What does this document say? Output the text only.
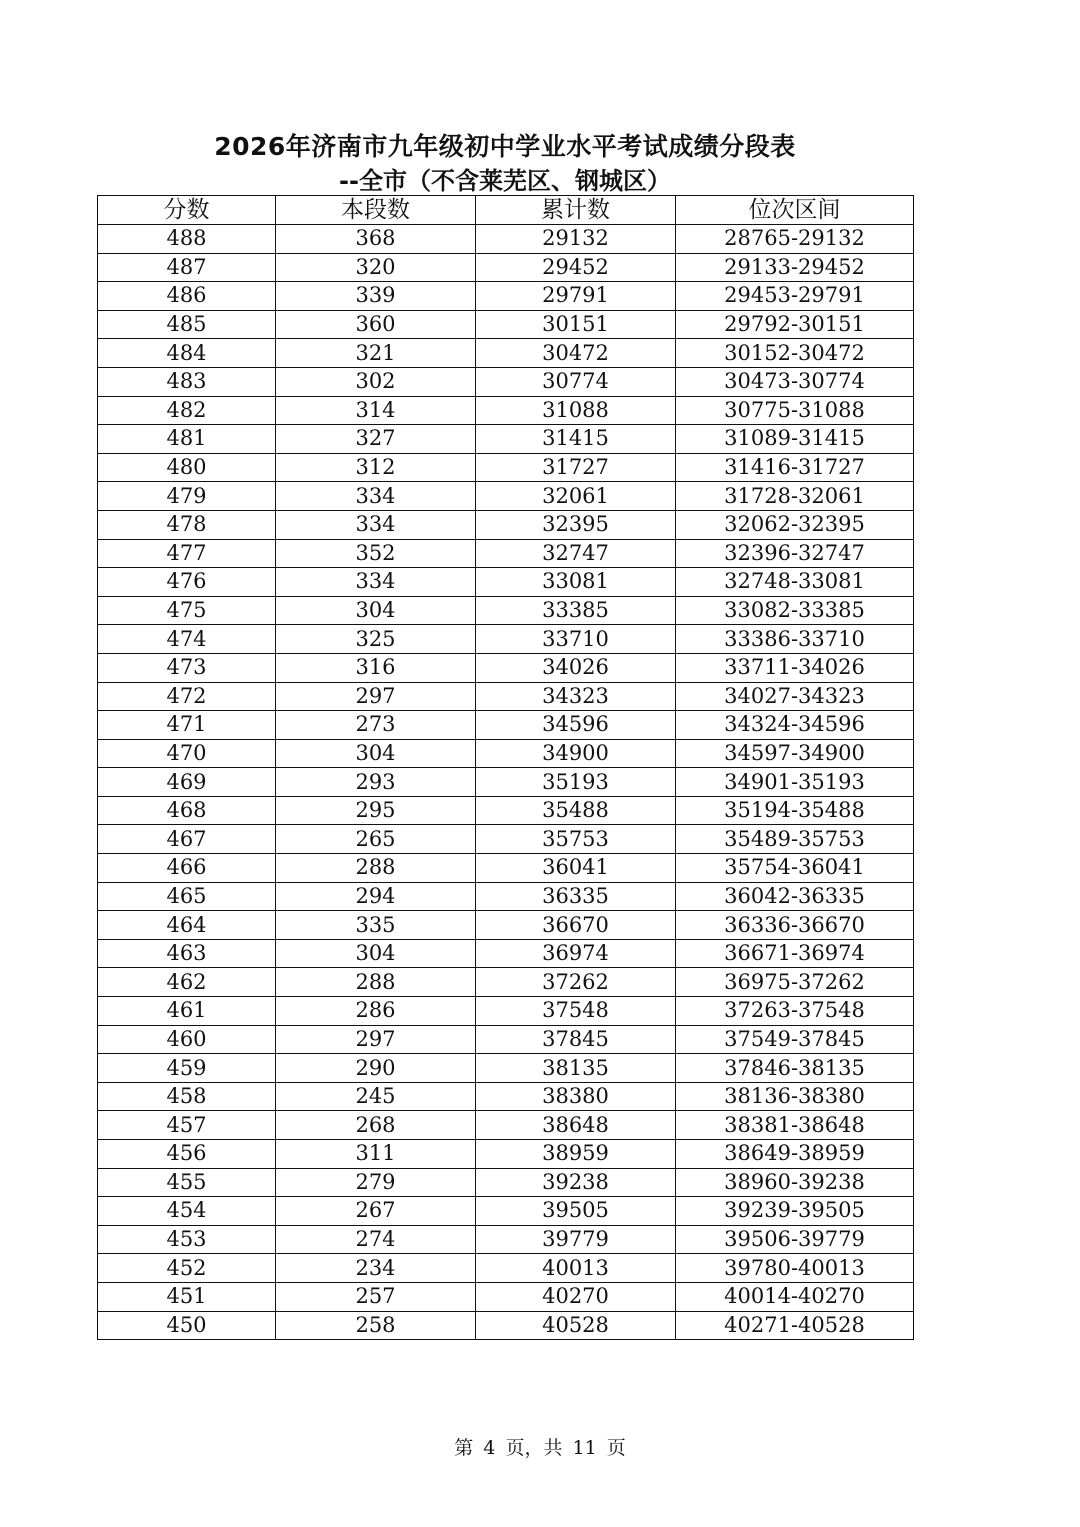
2026年济南市九年级初中学业水平考试成绩分段表
--全市（不含莱芜区、钢城区）
分数	本段数	累计数	位次区间
488	368	29132	28765-29132
487	320	29452	29133-29452
486	339	29791	29453-29791
485	360	30151	29792-30151
484	321	30472	30152-30472
483	302	30774	30473-30774
482	314	31088	30775-31088
481	327	31415	31089-31415
480	312	31727	31416-31727
479	334	32061	31728-32061
478	334	32395	32062-32395
477	352	32747	32396-32747
476	334	33081	32748-33081
475	304	33385	33082-33385
474	325	33710	33386-33710
473	316	34026	33711-34026
472	297	34323	34027-34323
471	273	34596	34324-34596
470	304	34900	34597-34900
469	293	35193	34901-35193
468	295	35488	35194-35488
467	265	35753	35489-35753
466	288	36041	35754-36041
465	294	36335	36042-36335
464	335	36670	36336-36670
463	304	36974	36671-36974
462	288	37262	36975-37262
461	286	37548	37263-37548
460	297	37845	37549-37845
459	290	38135	37846-38135
458	245	38380	38136-38380
457	268	38648	38381-38648
456	311	38959	38649-38959
455	279	39238	38960-39238
454	267	39505	39239-39505
453	274	39779	39506-39779
452	234	40013	39780-40013
451	257	40270	40014-40270
450	258	40528	40271-40528
第 4 页，共 11 页
